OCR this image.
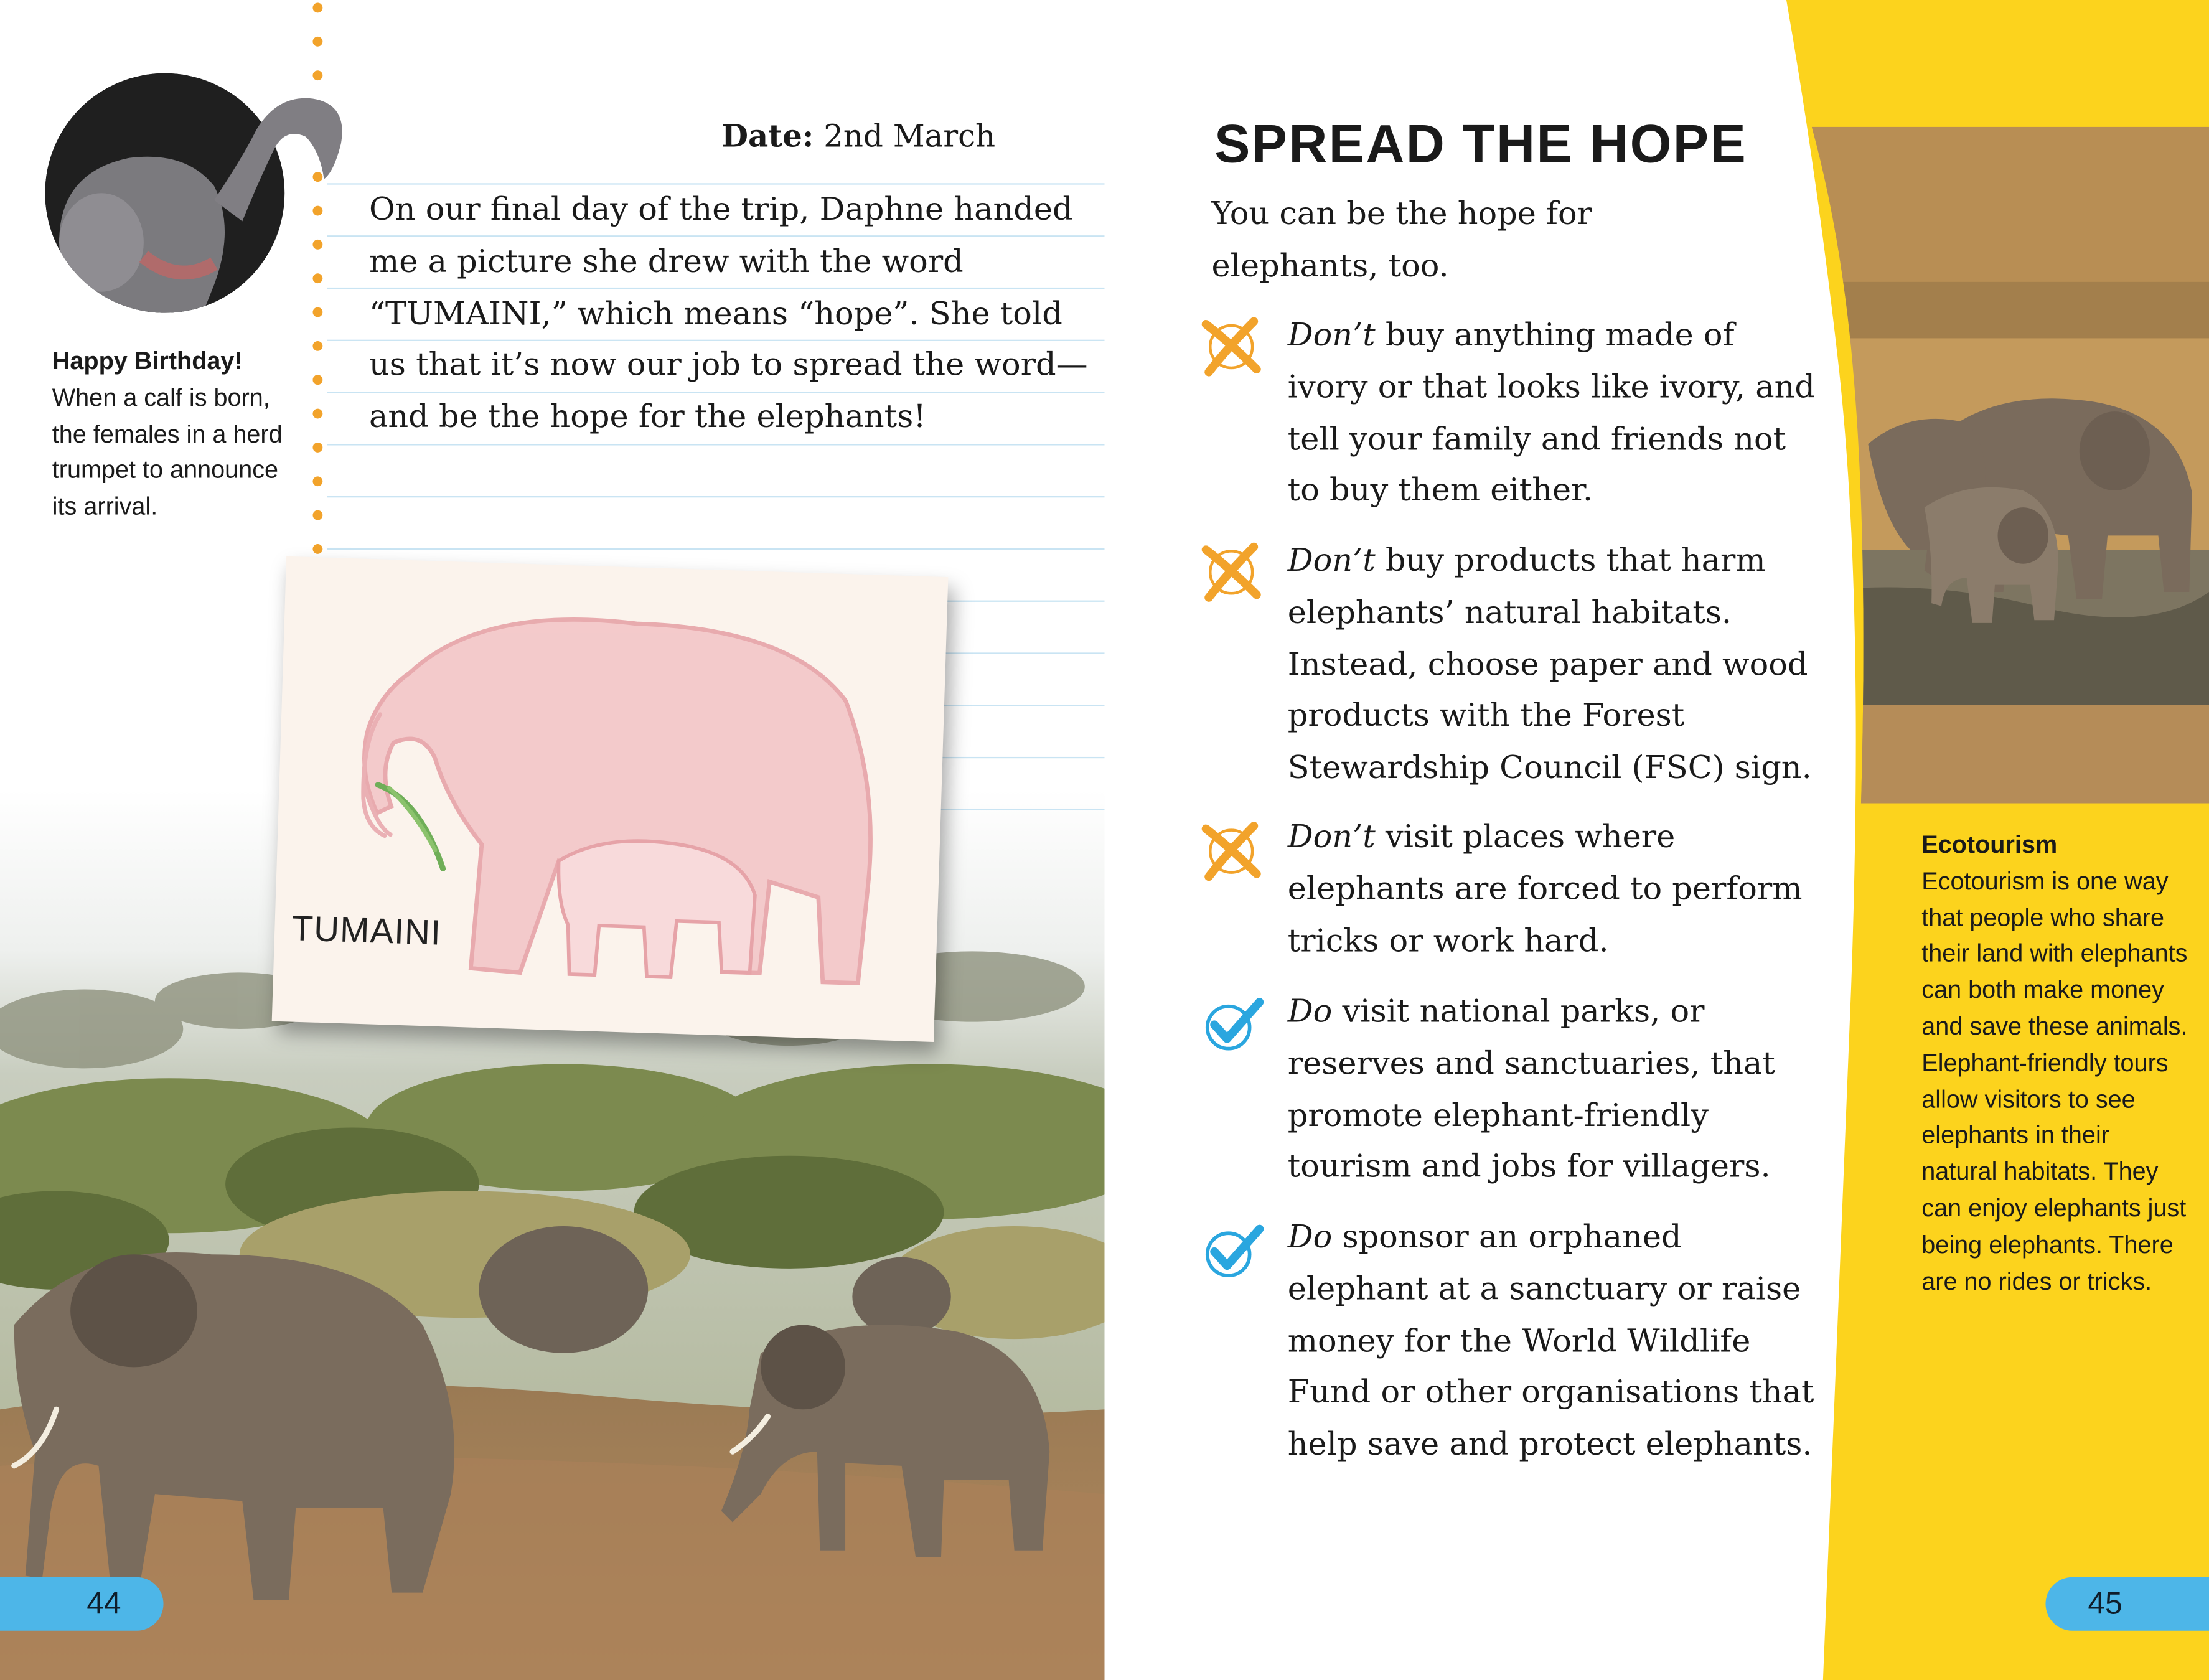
Happy Birthday!
When a calf is born, the females in a herd trumpet to announce its arrival.
Date: 2nd March
On our final day of the trip, Daphne handed me a picture she drew with the word “TUMAINI,” which means “hope”. She told us that it’s now our job to spread the word—and be the hope for the elephants!
TUMAINI
44
SPREAD THE HOPE
You can be the hope for elephants, too.
Don’t buy anything made of ivory or that looks like ivory, and tell your family and friends not to buy them either.
Don’t buy products that harm elephants’ natural habitats. Instead, choose paper and wood products with the Forest Stewardship Council (FSC) sign.
Don’t visit places where elephants are forced to perform tricks or work hard.
Do visit national parks, or reserves and sanctuaries, that promote elephant-friendly tourism and jobs for villagers.
Do sponsor an orphaned elephant at a sanctuary or raise money for the World Wildlife Fund or other organisations that help save and protect elephants.
Ecotourism
Ecotourism is one way that people who share their land with elephants can both make money and save these animals. Elephant-friendly tours allow visitors to see elephants in their natural habitats. They can enjoy elephants just being elephants. There are no rides or tricks.
45
